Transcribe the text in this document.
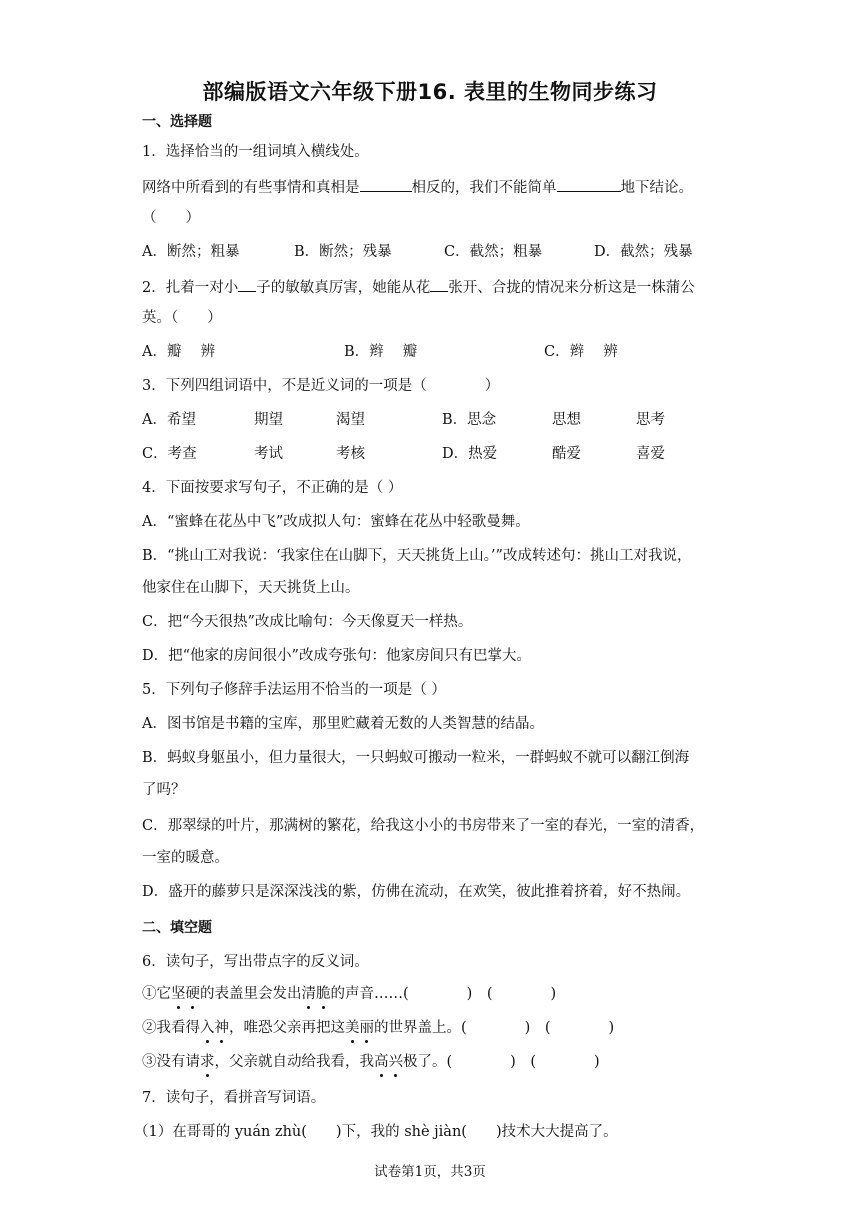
部编版语文六年级下册16. 表里的生物同步练习
一、选择题
1．选择恰当的一组词填入横线处。
网络中所看到的有些事情和真相是	相反的，我们不能简单	地下结论。
（　　）
A．断然；粗暴	B．断然；残暴	C．截然；粗暴	D．截然；残暴
2．扎着一对小 子的敏敏真厉害，她能从花 张开、合拢的情况来分析这是一株蒲公
英。（　　）
A．瓣　 辨	B．辫　 瓣	C．辫　 辨
3．下列四组词语中，不是近义词的一项是（　　　　）
A．希望	期望	渴望	B．思念	思想	思考
C．考查	考试	考核	D．热爱	酷爱	喜爱
4．下面按要求写句子，不正确的是（ ）
A．“蜜蜂在花丛中飞”改成拟人句：蜜蜂在花丛中轻歌曼舞。
B．“挑山工对我说：‘我家住在山脚下，天天挑货上山。’”改成转述句：挑山工对我说，
他家住在山脚下，天天挑货上山。
C．把“今天很热”改成比喻句：今天像夏天一样热。
D．把“他家的房间很小”改成夸张句：他家房间只有巴掌大。
5．下列句子修辞手法运用不恰当的一项是（ ）
A．图书馆是书籍的宝库，那里贮藏着无数的人类智慧的结晶。
B．蚂蚁身躯虽小，但力量很大，一只蚂蚁可搬动一粒米，一群蚂蚁不就可以翻江倒海
了吗？
C．那翠绿的叶片，那满树的繁花，给我这小小的书房带来了一室的春光，一室的清香，
一室的暖意。
D．盛开的藤萝只是深深浅浅的紫，仿佛在流动，在欢笑，彼此推着挤着，好不热闹。
二、填空题
6．读句子，写出带点字的反义词。
①它坚硬的表盖里会发出清脆的声音……(　　　　)　(　　　　)
②我看得入神，唯恐父亲再把这美丽的世界盖上。(　　　　)　(　　　　)
③没有请求，父亲就自动给我看，我高兴极了。(　　　　)　(　　　　)
7．读句子，看拼音写词语。
（1）在哥哥的 yuán zhù(　　)下，我的 shè jiàn(　　)技术大大提高了。
试卷第1页，共3页
